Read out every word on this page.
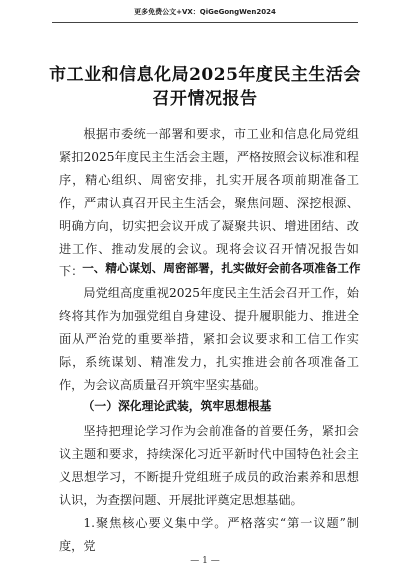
更多免费公文+VX：QiGeGongWen2024
市工业和信息化局2025年度民主生活会
召开情况报告
根据市委统一部署和要求，市工业和信息化局党组紧扣2025年度民主生活会主题，严格按照会议标准和程序，精心组织、周密安排，扎实开展各项前期准备工作，严肃认真召开民主生活会，聚焦问题、深挖根源、明确方向，切实把会议开成了凝聚共识、增进团结、改进工作、推动发展的会议。现将会议召开情况报告如下：
一、精心谋划、周密部署，扎实做好会前各项准备工作
局党组高度重视2025年度民主生活会召开工作，始终将其作为加强党组自身建设、提升履职能力、推进全面从严治党的重要举措，紧扣会议要求和工信工作实际，系统谋划、精准发力，扎实推进会前各项准备工作，为会议高质量召开筑牢坚实基础。
（一）深化理论武装，筑牢思想根基
坚持把理论学习作为会前准备的首要任务，紧扣会议主题和要求，持续深化习近平新时代中国特色社会主义思想学习，不断提升党组班子成员的政治素养和思想认识，为查摆问题、开展批评奠定思想基础。
1.聚焦核心要义集中学。严格落实“第一议题”制度，党
— 1 —
